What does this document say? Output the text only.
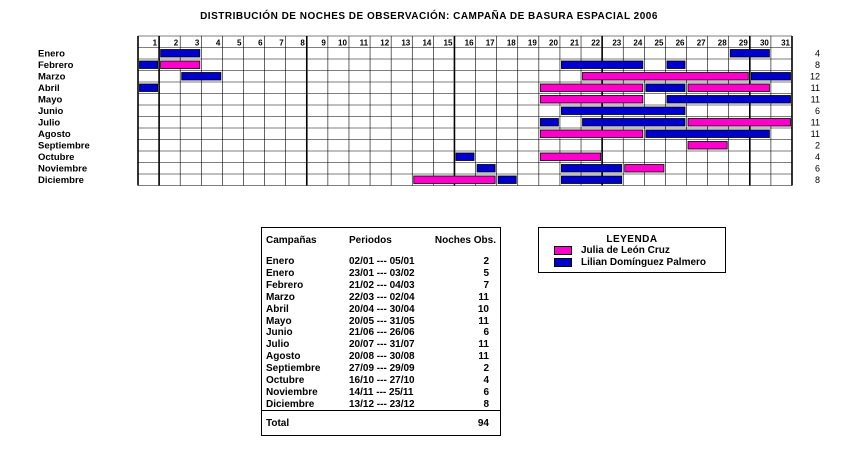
DISTRIBUCIÓN DE NOCHES DE OBSERVACIÓN: CAMPAÑA DE BASURA ESPACIAL 2006
1 2 3 4 5 6 7 8 9 10 11 12 13 14 15 16 17 18 19 20 21 22 23 24 25 26 27 28 29 30 31
Enero	4
Febrero	8
Marzo	12
Abril	11
Mayo	11
Junio	6
Julio	11
Agosto	11
Septiembre	2
Octubre	4
Noviembre	6
Diciembre	8
Campañas	Periodos	Noches Obs.
Enero	02/01 --- 05/01	2
Enero	23/01 --- 03/02	5
Febrero	21/02 --- 04/03	7
Marzo	22/03 --- 02/04	11
Abril	20/04 --- 30/04	10
Mayo	20/05 --- 31/05	11
Junio	21/06 --- 26/06	6
Julio	20/07 --- 31/07	11
Agosto	20/08 --- 30/08	11
Septiembre	27/09 --- 29/09	2
Octubre	16/10 --- 27/10	4
Noviembre	14/11 --- 25/11	6
Diciembre	13/12 --- 23/12	8
Total	94
LEYENDA
Julia de León Cruz
Lilian Domínguez Palmero
